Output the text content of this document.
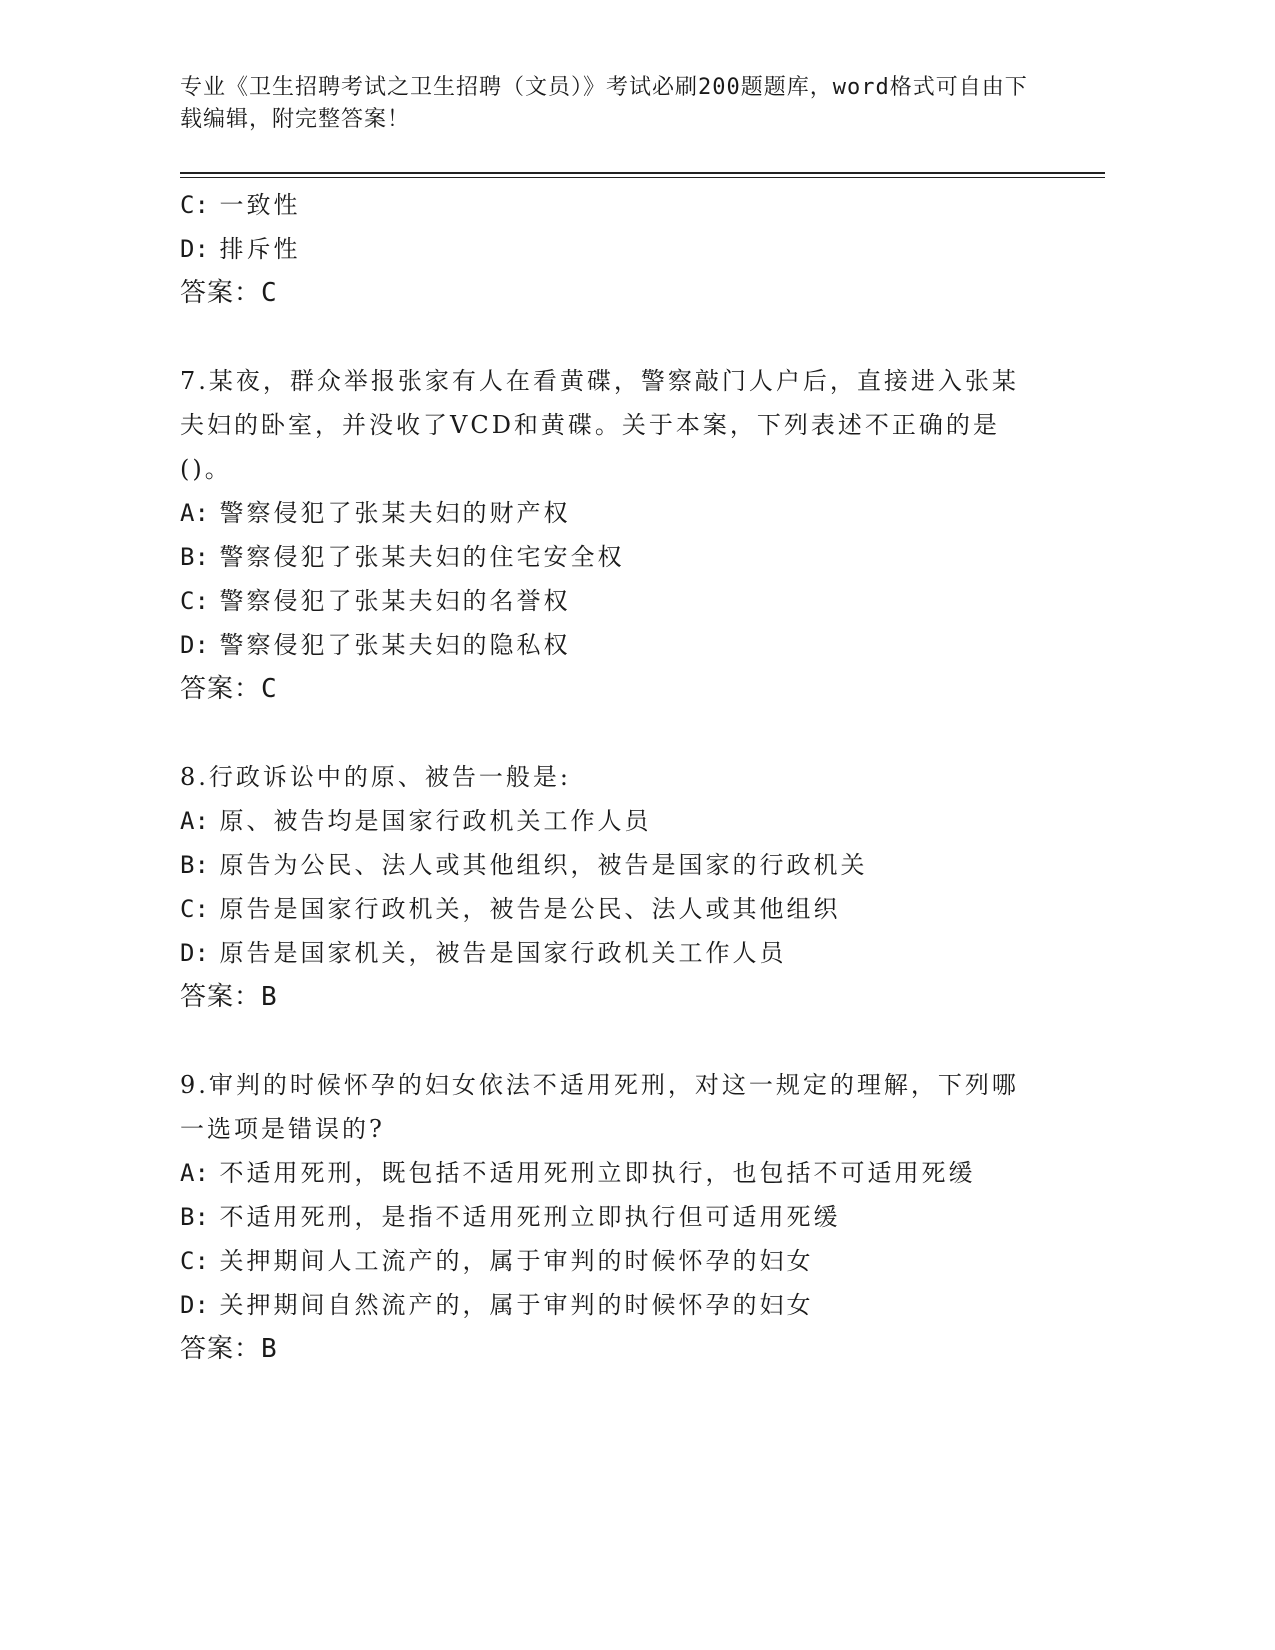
专业《卫生招聘考试之卫生招聘（文员）》考试必刷200题题库，word格式可自由下载编辑，附完整答案！
C: 一致性
D: 排斥性
答案：C
7.某夜，群众举报张家有人在看黄碟，警察敲门人户后，直接进入张某夫妇的卧室，并没收了VCD和黄碟。关于本案，下列表述不正确的是()。
A: 警察侵犯了张某夫妇的财产权
B: 警察侵犯了张某夫妇的住宅安全权
C: 警察侵犯了张某夫妇的名誉权
D: 警察侵犯了张某夫妇的隐私权
答案：C
8.行政诉讼中的原、被告一般是:
A: 原、被告均是国家行政机关工作人员
B: 原告为公民、法人或其他组织，被告是国家的行政机关
C: 原告是国家行政机关，被告是公民、法人或其他组织
D: 原告是国家机关，被告是国家行政机关工作人员
答案：B
9.审判的时候怀孕的妇女依法不适用死刑，对这一规定的理解，下列哪一选项是错误的?
A: 不适用死刑，既包括不适用死刑立即执行，也包括不可适用死缓
B: 不适用死刑，是指不适用死刑立即执行但可适用死缓
C: 关押期间人工流产的，属于审判的时候怀孕的妇女
D: 关押期间自然流产的，属于审判的时候怀孕的妇女
答案：B
